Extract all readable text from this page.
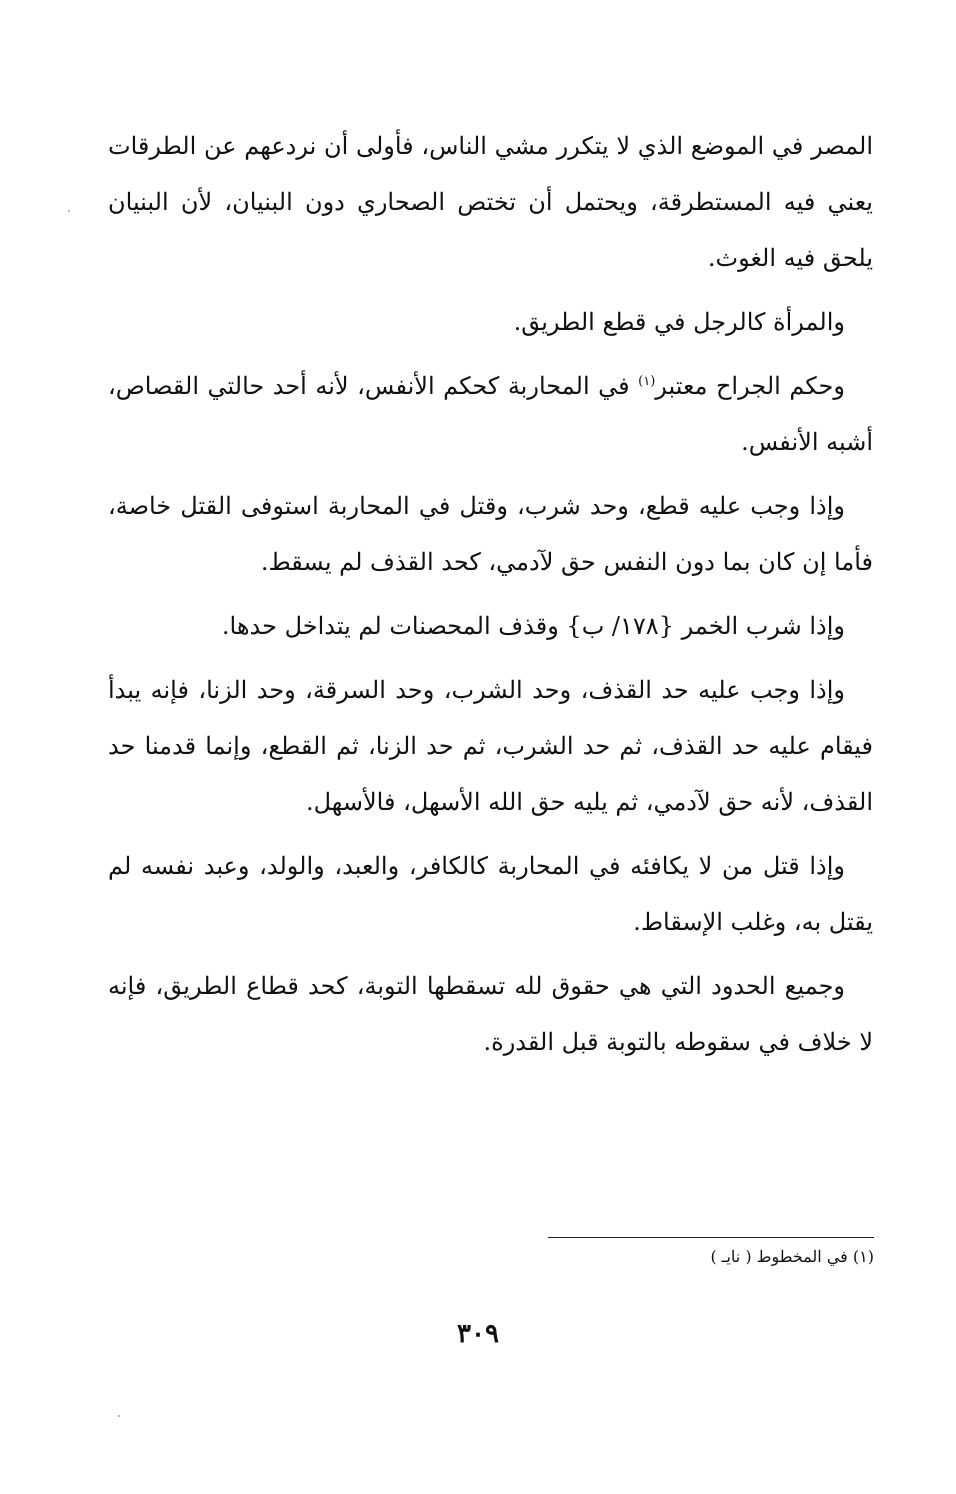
المصر في الموضع الذي لا يتكرر مشي الناس، فأولى أن نردعهم عن الطرقات يعني فيه المستطرقة، ويحتمل أن تختص الصحاري دون البنيان، لأن البنيان يلحق فيه الغوث.

والمرأة كالرجل في قطع الطريق.

وحكم الجراح معتبر$^{(١)}$ في المحاربة كحكم الأنفس، لأنه أحد حالتي القصاص، أشبه الأنفس.

وإذا وجب عليه قطع، وحد شرب، وقتل في المحاربة استوفى القتل خاصة، فأما إن كان بما دون النفس حق لآدمي، كحد القذف لم يسقط.

وإذا شرب الخمر {١٧٨/ ب} وقذف المحصنات لم يتداخل حدها.

وإذا وجب عليه حد القذف، وحد الشرب، وحد السرقة، وحد الزنا، فإنه يبدأ فيقام عليه حد القذف، ثم حد الشرب، ثم حد الزنا، ثم القطع، وإنما قدمنا حد القذف، لأنه حق لآدمي، ثم يليه حق الله الأسهل، فالأسهل.

وإذا قتل من لا يكافئه في المحاربة كالكافر، والعبد، والولد، وعبد نفسه لم يقتل به، وغلب الإسقاط.

وجميع الحدود التي هي حقوق لله تسقطها التوبة، كحد قطاع الطريق، فإنه لا خلاف في سقوطه بالتوبة قبل القدرة.

(١) في المخطوط ( نايـ )
٣٠٩
